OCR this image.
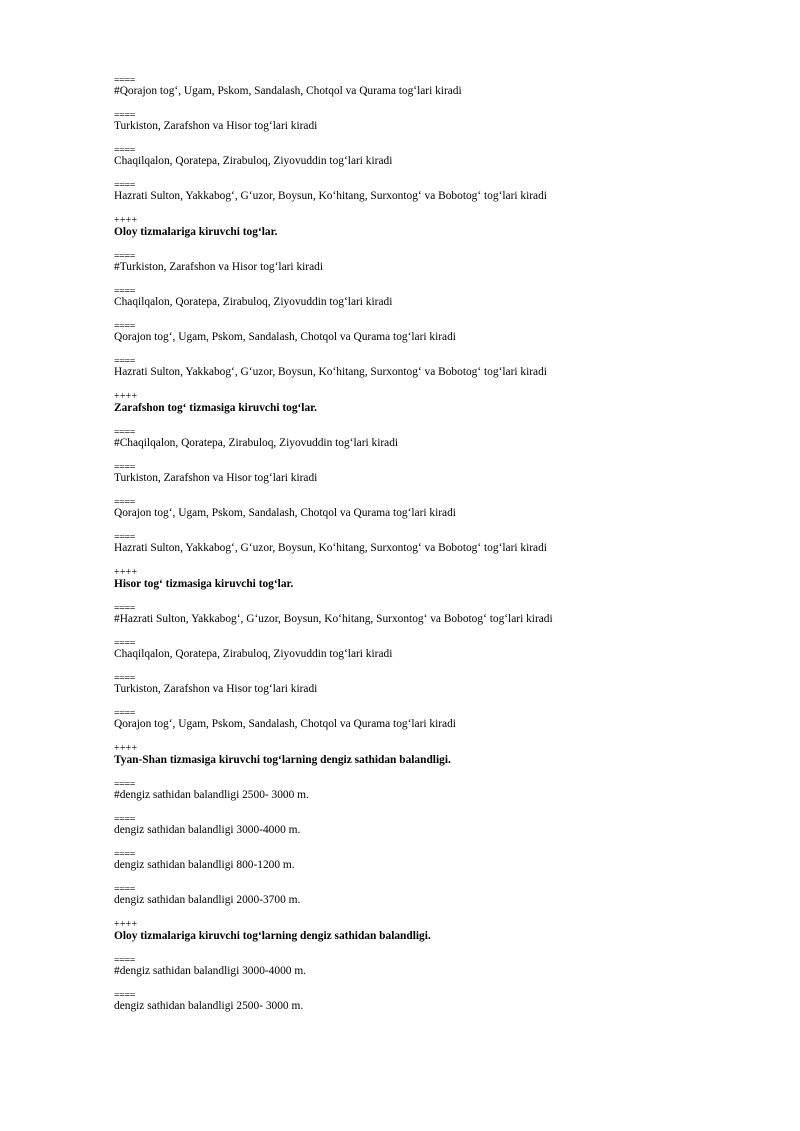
====
#Qorajon tog‘, Ugam, Pskom, Sandalash, Chotqol va Qurama tog‘lari kiradi
====
Turkiston, Zarafshon va Hisor tog‘lari kiradi
====
Chaqilqalon, Qoratepa, Zirabuloq, Ziyovuddin tog‘lari kiradi
====
Hazrati Sulton, Yakkabog‘, G‘uzor, Boysun, Ko‘hitang, Surxontog‘ va Bobotog‘ tog‘lari kiradi
++++
Oloy tizmalariga kiruvchi tog‘lar.
====
#Turkiston, Zarafshon va Hisor tog‘lari kiradi
====
Chaqilqalon, Qoratepa, Zirabuloq, Ziyovuddin tog‘lari kiradi
====
Qorajon tog‘, Ugam, Pskom, Sandalash, Chotqol va Qurama tog‘lari kiradi
====
Hazrati Sulton, Yakkabog‘, G‘uzor, Boysun, Ko‘hitang, Surxontog‘ va Bobotog‘ tog‘lari kiradi
++++
Zarafshon tog‘ tizmasiga kiruvchi tog‘lar.
====
#Chaqilqalon, Qoratepa, Zirabuloq, Ziyovuddin tog‘lari kiradi
====
Turkiston, Zarafshon va Hisor tog‘lari kiradi
====
Qorajon tog‘, Ugam, Pskom, Sandalash, Chotqol va Qurama tog‘lari kiradi
====
Hazrati Sulton, Yakkabog‘, G‘uzor, Boysun, Ko‘hitang, Surxontog‘ va Bobotog‘ tog‘lari kiradi
++++
Hisor tog‘ tizmasiga kiruvchi tog‘lar.
====
#Hazrati Sulton, Yakkabog‘, G‘uzor, Boysun, Ko‘hitang, Surxontog‘ va Bobotog‘ tog‘lari kiradi
====
Chaqilqalon, Qoratepa, Zirabuloq, Ziyovuddin tog‘lari kiradi
====
Turkiston, Zarafshon va Hisor tog‘lari kiradi
====
Qorajon tog‘, Ugam, Pskom, Sandalash, Chotqol va Qurama tog‘lari kiradi
++++
Tyan-Shan tizmasiga kiruvchi tog‘larning dengiz sathidan balandligi.
====
#dengiz sathidan balandligi 2500- 3000 m.
====
dengiz sathidan balandligi 3000-4000 m.
====
dengiz sathidan balandligi 800-1200 m.
====
dengiz sathidan balandligi 2000-3700 m.
++++
Oloy tizmalariga kiruvchi tog‘larning dengiz sathidan balandligi.
====
#dengiz sathidan balandligi 3000-4000 m.
====
dengiz sathidan balandligi 2500- 3000 m.
